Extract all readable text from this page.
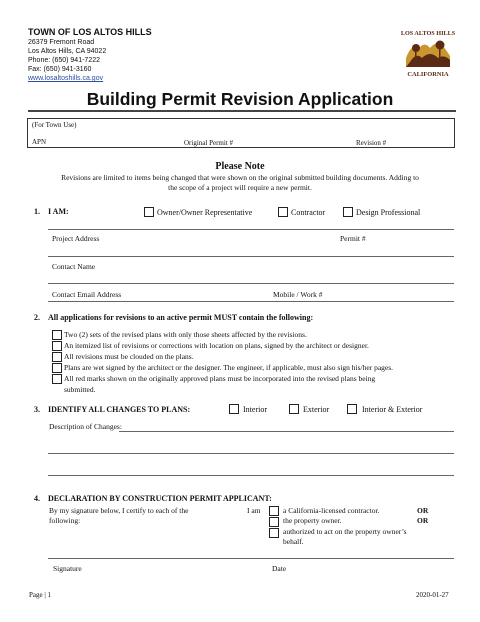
TOWN OF LOS ALTOS HILLS
26379 Fremont Road
Los Altos Hills, CA 94022
Phone: (650) 941-7222
Fax: (650) 941-3160
www.losaltoshills.ca.gov
LOS ALTOS HILLS
CALIFORNIA
Building Permit Revision Application
(For Town Use)
APN	Original Permit #	Revision #
Please Note
Revisions are limited to items being changed that were shown on the original submitted building documents. Adding to
the scope of a project will require a new permit.
1. I AM:	Owner/Owner Representative	Contractor	Design Professional
Project Address	Permit #
Contact Name
Contact Email Address	Mobile / Work #
2. All applications for revisions to an active permit MUST contain the following:
Two (2) sets of the revised plans with only those sheets affected by the revisions.
An itemized list of revisions or corrections with location on plans, signed by the architect or designer.
All revisions must be clouded on the plans.
Plans are wet signed by the architect or the designer. The engineer, if applicable, must also sign his/her pages.
All red marks shown on the originally approved plans must be incorporated into the revised plans being
submitted.
3. IDENTIFY ALL CHANGES TO PLANS:	Interior	Exterior	Interior & Exterior
Description of Changes:
4. DECLARATION BY CONSTRUCTION PERMIT APPLICANT:
By my signature below, I certify to each of the
following:
I am	a California-licensed contractor.	OR
the property owner.	OR
authorized to act on the property owner’s
behalf.
Signature	Date
Page | 1	2020-01-27
